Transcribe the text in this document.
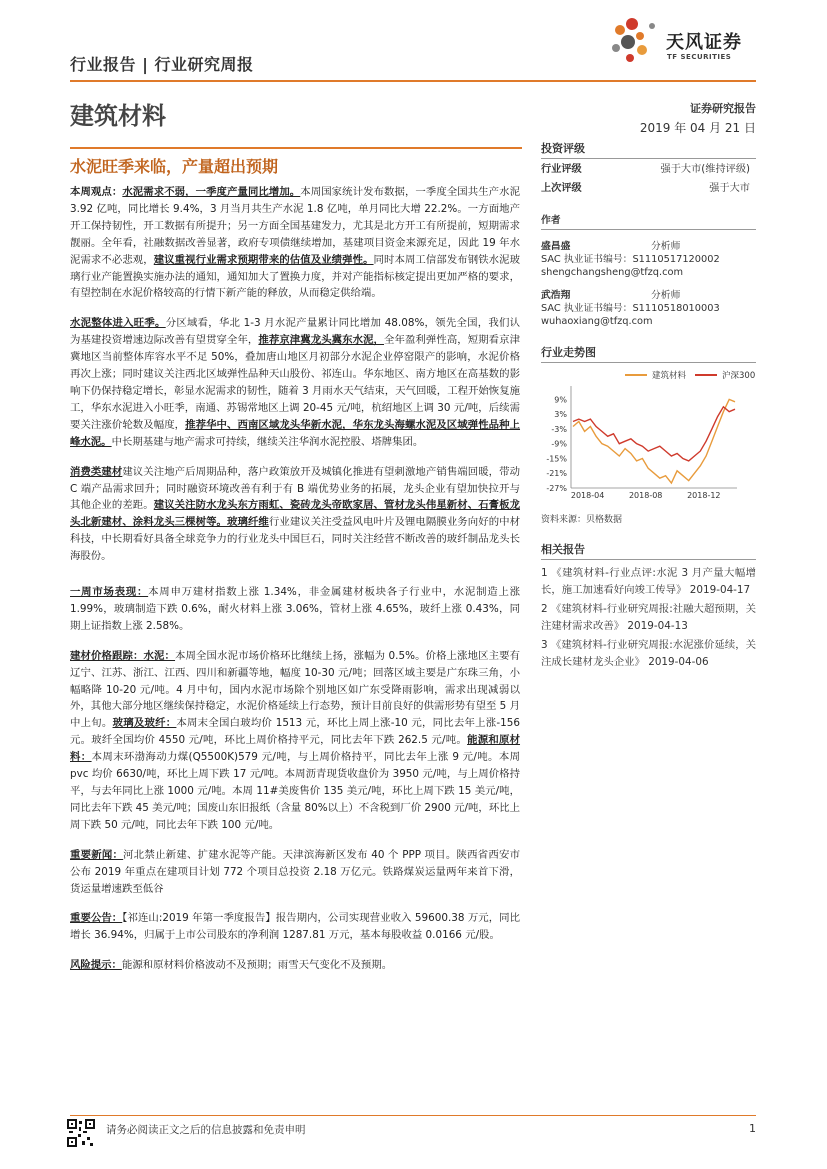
行业报告 | 行业研究周报
天风证券
TF SECURITIES
建筑材料	证券研究报告
2019 年 04 月 21 日
水泥旺季来临，产量超出预期

本周观点：水泥需求不弱，一季度产量同比增加。本周国家统计发布数据，一季度全国共生产水泥 3.92 亿吨，同比增长 9.4%，3 月当月共生产水泥 1.8 亿吨，单月同比大增 22.2%。一方面地产开工保持韧性，开工数据有所提升；另一方面全国基建发力，尤其是北方开工有所提前，短期需求靓丽。全年看，社融数据改善显著，政府专项债继续增加，基建项目资金来源充足，因此 19 年水泥需求不必悲观，建议重视行业需求预期带来的估值及业绩弹性。同时本周工信部发布钢铁水泥玻璃行业产能置换实施办法的通知，通知加大了置换力度，并对产能指标核定提出更加严格的要求，有望控制在水泥价格较高的行情下新产能的释放，从而稳定供给端。

水泥整体进入旺季。分区域看，华北 1-3 月水泥产量累计同比增加 48.08%，领先全国，我们认为基建投资增速边际改善有望贯穿全年，推荐京津冀龙头冀东水泥，全年盈利弹性高，短期看京津冀地区当前整体库容水平不足 50%，叠加唐山地区月初部分水泥企业停窑限产的影响，水泥价格再次上涨；同时建议关注西北区域弹性品种天山股份、祁连山。华东地区、南方地区在高基数的影响下仍保持稳定增长，彰显水泥需求的韧性，随着 3 月雨水天气结束，天气回暖，工程开始恢复施工，华东水泥进入小旺季，南通、苏锡常地区上调 20-45 元/吨，杭绍地区上调 30 元/吨，后续需要关注涨价轮数及幅度，推荐华中、西南区域龙头华新水泥，华东龙头海螺水泥及区域弹性品种上峰水泥。中长期基建与地产需求可持续，继续关注华润水泥控股、塔牌集团。

消费类建材建议关注地产后周期品种，落户政策放开及城镇化推进有望刺激地产销售端回暖，带动 C 端产品需求回升；同时融资环境改善有利于有 B 端优势业务的拓展，龙头企业有望加快拉开与其他企业的差距。建议关注防水龙头东方雨虹、瓷砖龙头帝欧家居、管材龙头伟星新材、石膏板龙头北新建材、涂料龙头三棵树等。玻璃纤维行业建议关注受益风电叶片及锂电隔膜业务向好的中材科技，中长期看好具备全球竞争力的行业龙头中国巨石，同时关注经营不断改善的玻纤制品龙头长海股份。

一周市场表现：本周申万建材指数上涨 1.34%，非金属建材板块各子行业中，水泥制造上涨 1.99%，玻璃制造下跌 0.6%，耐火材料上涨 3.06%，管材上涨 4.65%，玻纤上涨 0.43%，同期上证指数上涨 2.58%。

建材价格跟踪：水泥：本周全国水泥市场价格环比继续上扬，涨幅为 0.5%。价格上涨地区主要有辽宁、江苏、浙江、江西、四川和新疆等地，幅度 10-30 元/吨；回落区域主要是广东珠三角，小幅略降 10-20 元/吨。4 月中旬，国内水泥市场除个别地区如广东受降雨影响，需求出现减弱以外，其他大部分地区继续保持稳定，水泥价格延续上行态势，预计目前良好的供需形势有望至 5 月中上旬。玻璃及玻纤：本周末全国白玻均价 1513 元，环比上周上涨-10 元，同比去年上涨-156 元。玻纤全国均价 4550 元/吨，环比上周价格持平元，同比去年下跌 262.5 元/吨。能源和原材料：本周末环渤海动力煤(Q5500K)579 元/吨，与上周价格持平，同比去年上涨 9 元/吨。本周 pvc 均价 6630/吨，环比上周下跌 17 元/吨。本周沥青现货收盘价为 3950 元/吨，与上周价格持平，与去年同比上涨 1000 元/吨。本周 11#美废售价 135 美元/吨，环比上周下跌 15 美元/吨，同比去年下跌 45 美元/吨；国废山东旧报纸（含量 80%以上）不含税到厂价 2900 元/吨，环比上周下跌 50 元/吨，同比去年下跌 100 元/吨。

重要新闻：河北禁止新建、扩建水泥等产能。天津滨海新区发布 40 个 PPP 项目。陕西省西安市公布 2019 年重点在建项目计划 772 个项目总投资 2.18 万亿元。铁路煤炭运量两年来首下滑，货运量增速跌至低谷

重要公告：【祁连山:2019 年第一季度报告】报告期内，公司实现营业收入 59600.38 万元，同比增长 36.94%，归属于上市公司股东的净利润 1287.81 万元，基本每股收益 0.0166 元/股。

风险提示：能源和原材料价格波动不及预期；雨雪天气变化不及预期。

投资评级
行业评级	强于大市(维持评级)
上次评级	强于大市
作者
盛昌盛	分析师
SAC 执业证书编号：S1110517120002
shengchangsheng@tfzq.com
武浩翔	分析师
SAC 执业证书编号：S1110518010003
wuhaoxiang@tfzq.com
行业走势图
建筑材料	沪深300
9%
3%
-3%
-9%
-15%
-21%
-27%
2018-04	2018-08	2018-12
资料来源：贝格数据
相关报告
1 《建筑材料-行业点评:水泥 3 月产量大幅增长，施工加速看好向竣工传导》 2019-04-17
2 《建筑材料-行业研究周报:社融大超预期，关注建材需求改善》 2019-04-13
3 《建筑材料-行业研究周报:水泥涨价延续，关注成长建材龙头企业》 2019-04-06
请务必阅读正文之后的信息披露和免责申明	1
